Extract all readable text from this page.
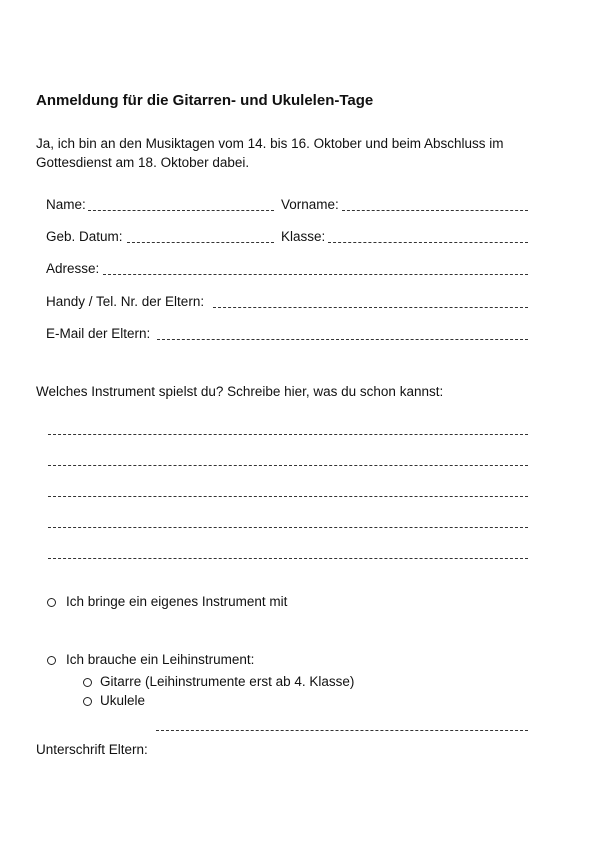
Anmeldung für die Gitarren- und Ukulelen-Tage
Ja, ich bin an den Musiktagen vom 14. bis 16. Oktober und beim Abschluss im Gottesdienst am 18. Oktober dabei.
Name:	Vorname:
Geb. Datum:	Klasse:
Adresse:
Handy / Tel. Nr. der Eltern:
E-Mail der Eltern:
Welches Instrument spielst du? Schreibe hier, was du schon kannst:
Ich bringe ein eigenes Instrument mit
Ich brauche ein Leihinstrument:
Gitarre (Leihinstrumente erst ab 4. Klasse)
Ukulele
Unterschrift Eltern:
